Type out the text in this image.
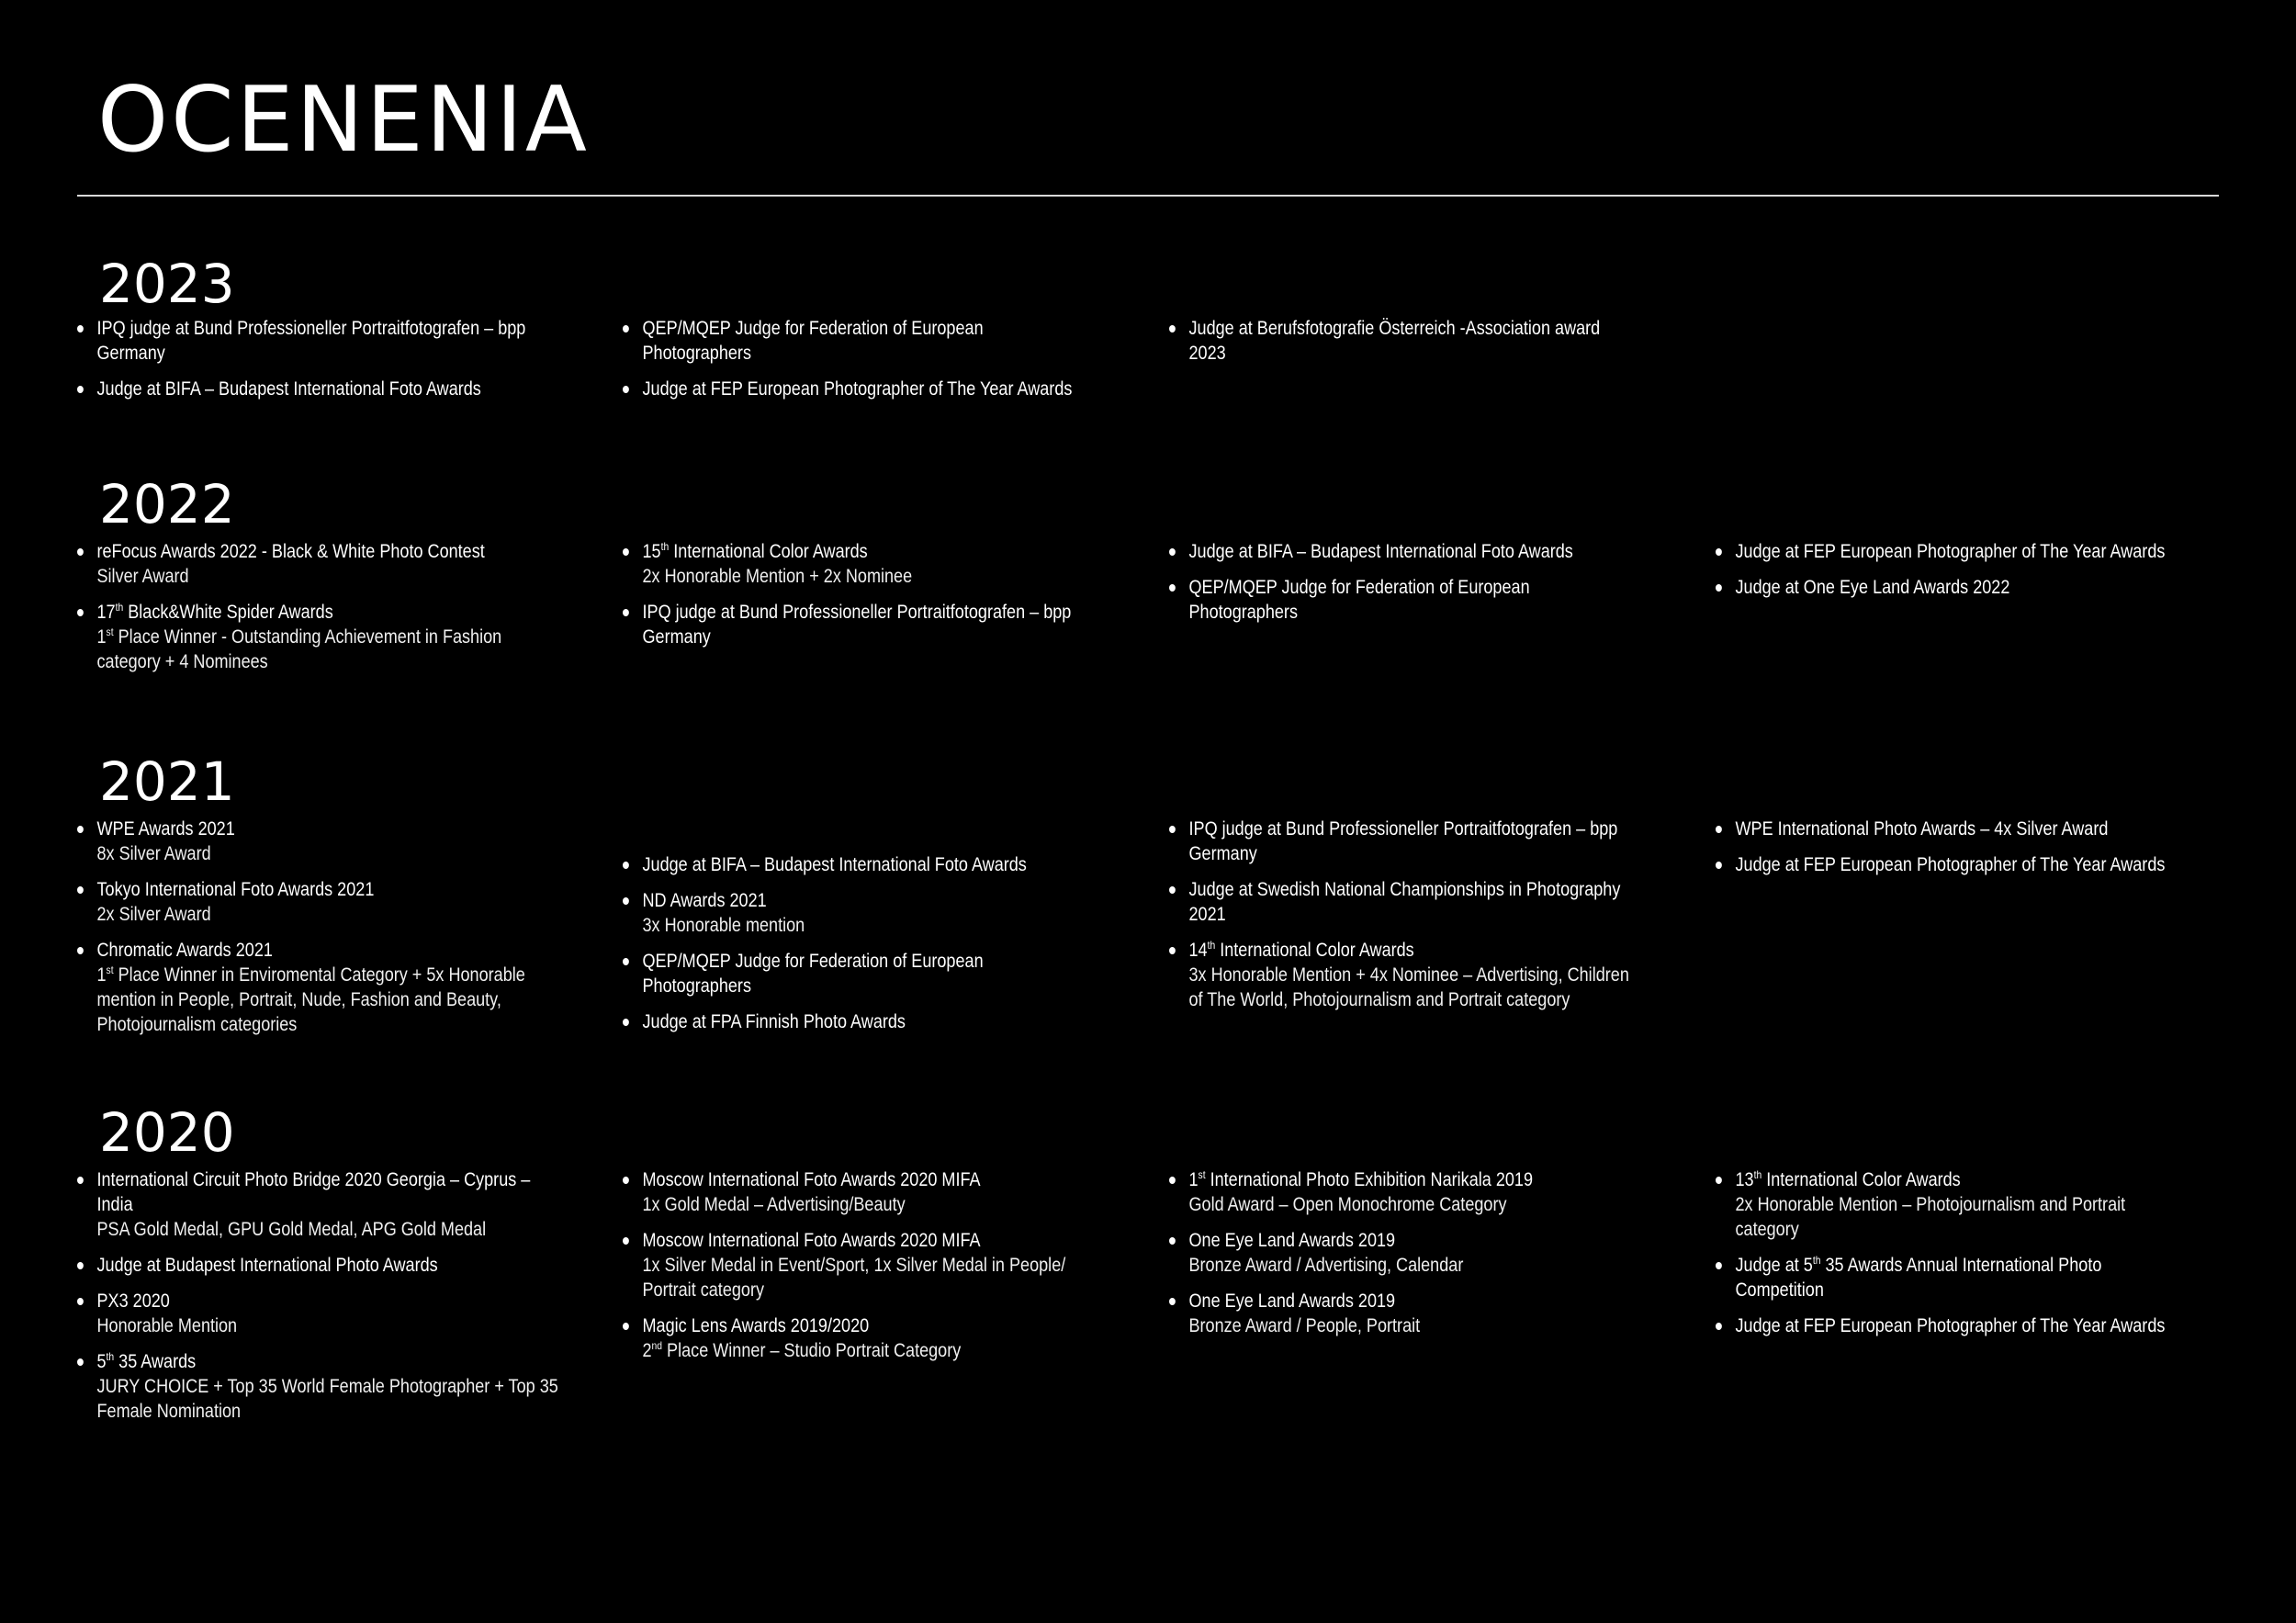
OCENENIA
2023
IPQ judge at Bund Professioneller Portraitfotografen – bpp
Germany
Judge at BIFA – Budapest International Foto Awards
QEP/MQEP Judge for Federation of European
Photographers
Judge at FEP European Photographer of The Year Awards
Judge at Berufsfotografie Österreich -Association award
2023
2022
reFocus Awards 2022 - Black & White Photo Contest
Silver Award
17th Black&White Spider Awards
1st Place Winner - Outstanding Achievement in Fashion
category + 4 Nominees
15th International Color Awards
2x Honorable Mention + 2x Nominee
IPQ judge at Bund Professioneller Portraitfotografen – bpp
Germany
Judge at BIFA – Budapest International Foto Awards
QEP/MQEP Judge for Federation of European
Photographers
Judge at FEP European Photographer of The Year Awards
Judge at One Eye Land Awards 2022
2021
WPE Awards 2021
8x Silver Award
Tokyo International Foto Awards 2021
2x Silver Award
Chromatic Awards 2021
1st Place Winner in Enviromental Category + 5x Honorable
mention in People, Portrait, Nude, Fashion and Beauty,
Photojournalism categories
Judge at BIFA – Budapest International Foto Awards
ND Awards 2021
3x Honorable mention
QEP/MQEP Judge for Federation of European
Photographers
Judge at FPA Finnish Photo Awards
IPQ judge at Bund Professioneller Portraitfotografen – bpp
Germany
Judge at Swedish National Championships in Photography
2021
14th International Color Awards
3x Honorable Mention + 4x Nominee – Advertising, Children
of The World, Photojournalism and Portrait category
WPE International Photo Awards – 4x Silver Award
Judge at FEP European Photographer of The Year Awards
2020
International Circuit Photo Bridge 2020 Georgia – Cyprus –
India
PSA Gold Medal, GPU Gold Medal, APG Gold Medal
Judge at Budapest International Photo Awards
PX3 2020
Honorable Mention
5th 35 Awards
JURY CHOICE + Top 35 World Female Photographer + Top 35
Female Nomination
Moscow International Foto Awards 2020 MIFA
1x Gold Medal – Advertising/Beauty
Moscow International Foto Awards 2020 MIFA
1x Silver Medal in Event/Sport, 1x Silver Medal in People/
Portrait category
Magic Lens Awards 2019/2020
2nd Place Winner – Studio Portrait Category
1st International Photo Exhibition Narikala 2019
Gold Award – Open Monochrome Category
One Eye Land Awards 2019
Bronze Award / Advertising, Calendar
One Eye Land Awards 2019
Bronze Award / People, Portrait
13th International Color Awards
2x Honorable Mention – Photojournalism and Portrait
category
Judge at 5th 35 Awards Annual International Photo
Competition
Judge at FEP European Photographer of The Year Awards
